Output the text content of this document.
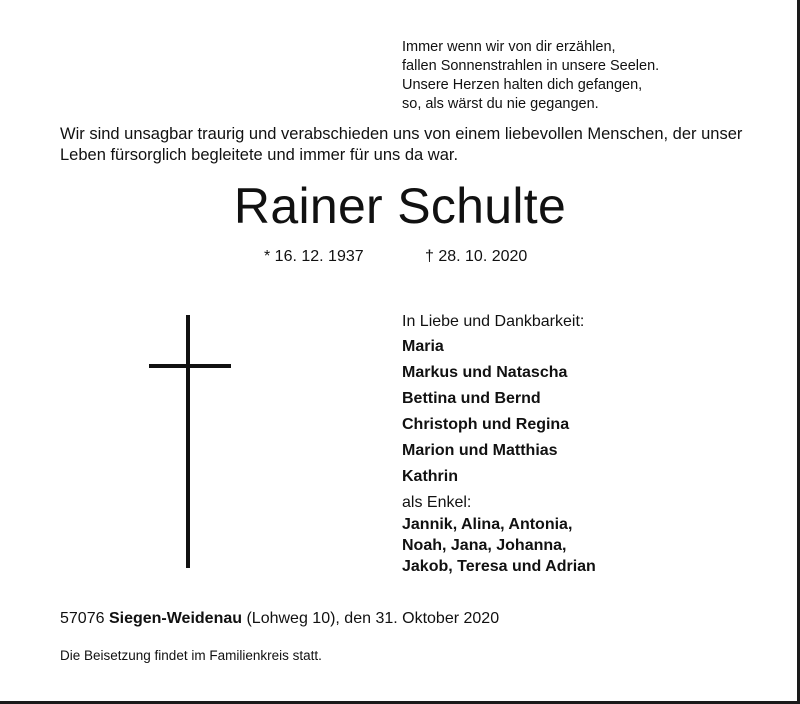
Immer wenn wir von dir erzählen,
fallen Sonnenstrahlen in unsere Seelen.
Unsere Herzen halten dich gefangen,
so, als wärst du nie gegangen.
Wir sind unsagbar traurig und verabschieden uns von einem liebevollen Menschen, der unser Leben fürsorglich begleitete und immer für uns da war.
Rainer Schulte
* 16. 12. 1937	† 28. 10. 2020
In Liebe und Dankbarkeit:
Maria
Markus und Natascha
Bettina und Bernd
Christoph und Regina
Marion und Matthias
Kathrin
als Enkel:
Jannik, Alina, Antonia,
Noah, Jana, Johanna,
Jakob, Teresa und Adrian
57076 Siegen-Weidenau (Lohweg 10), den 31. Oktober 2020
Die Beisetzung findet im Familienkreis statt.
